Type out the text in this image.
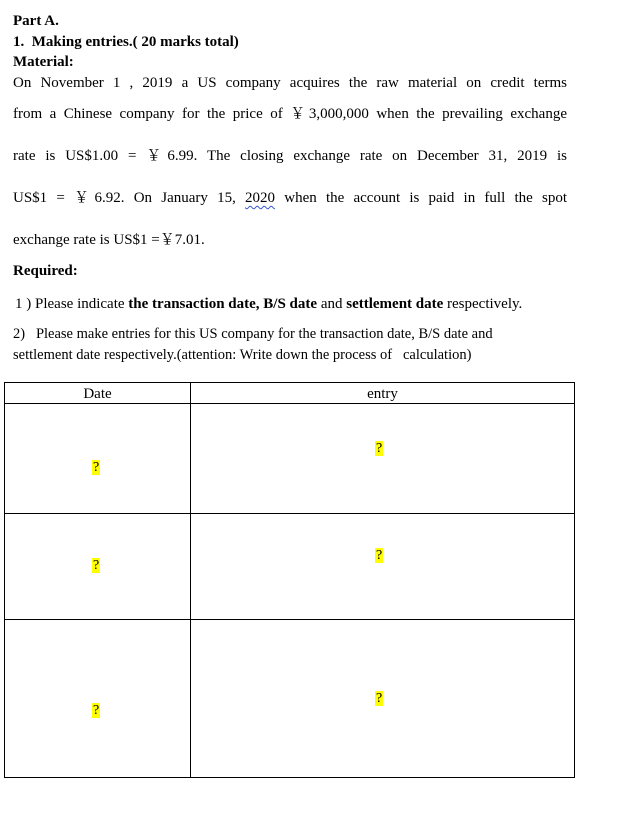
Part A.
1. Making entries.( 20 marks total)
Material:
On November 1 , 2019 a US company acquires the raw material on credit terms
from a Chinese company for the price of ￥3,000,000 when the prevailing exchange
rate is US$1.00 = ￥6.99. The closing exchange rate on December 31, 2019 is
US$1 = ￥6.92. On January 15, 2020 when the account is paid in full the spot
exchange rate is US$1 =￥7.01.
Required:
1 ) Please indicate the transaction date, B/S date and settlement date respectively.
2)   Please make entries for this US company for the transaction date, B/S date and
settlement date respectively.(attention: Write down the process of   calculation)
Date	entry

?	?

?	?

?	?
